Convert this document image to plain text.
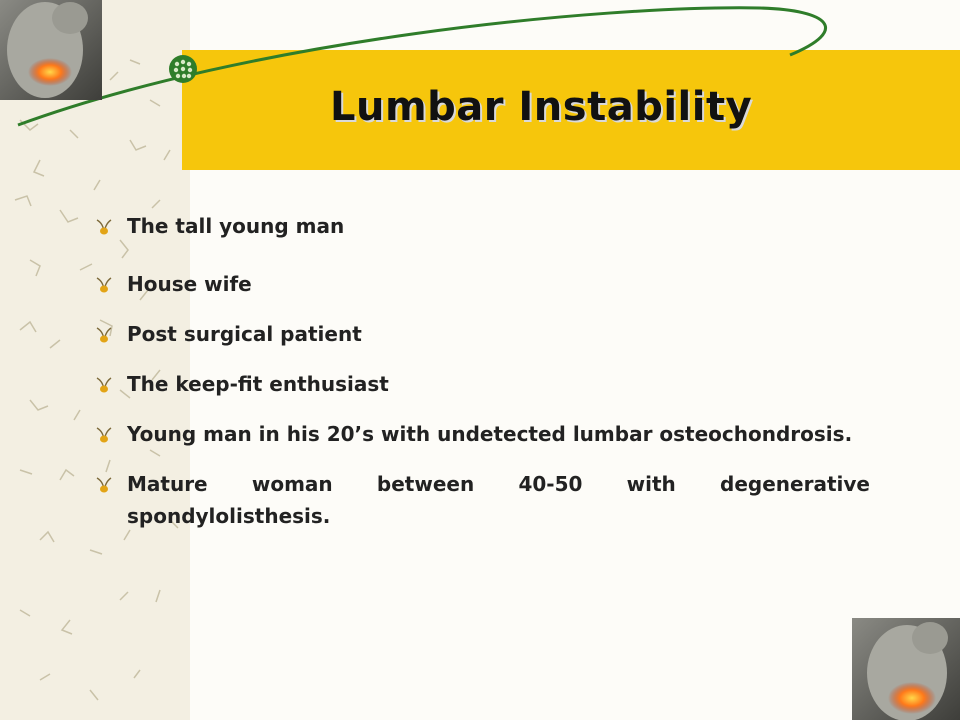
Lumbar Instability
The tall young man
House wife
Post surgical patient
The keep-fit enthusiast
Young man in his 20’s with undetected lumbar osteochondrosis.
Mature woman between 40-50 with degenerative spondylolisthesis.
